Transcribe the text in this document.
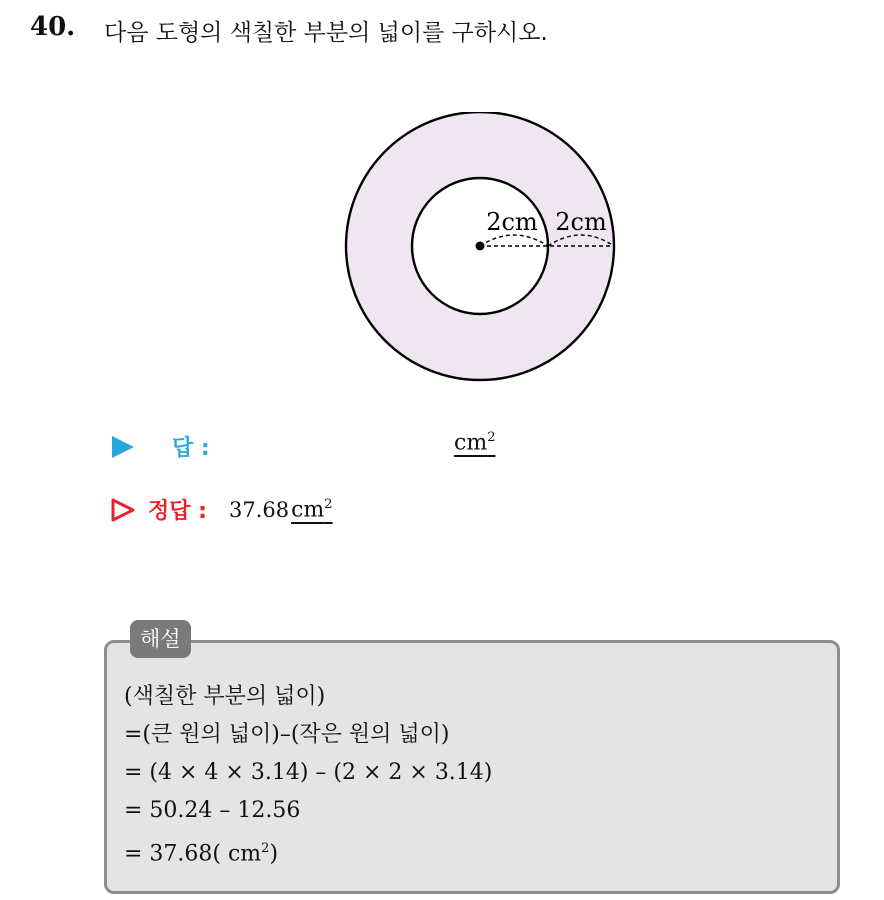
40. 다음 도형의 색칠한 부분의 넓이를 구하시오.
2cm 2cm
답 :	$cm^2$
정답 : 37.68 $cm^2$
해설
(색칠한 부분의 넓이)
=(큰 원의 넓이)–(작은 원의 넓이)
= (4 × 4 × 3.14) – (2 × 2 × 3.14)
= 50.24 – 12.56
= 37.68( $cm^2$)
